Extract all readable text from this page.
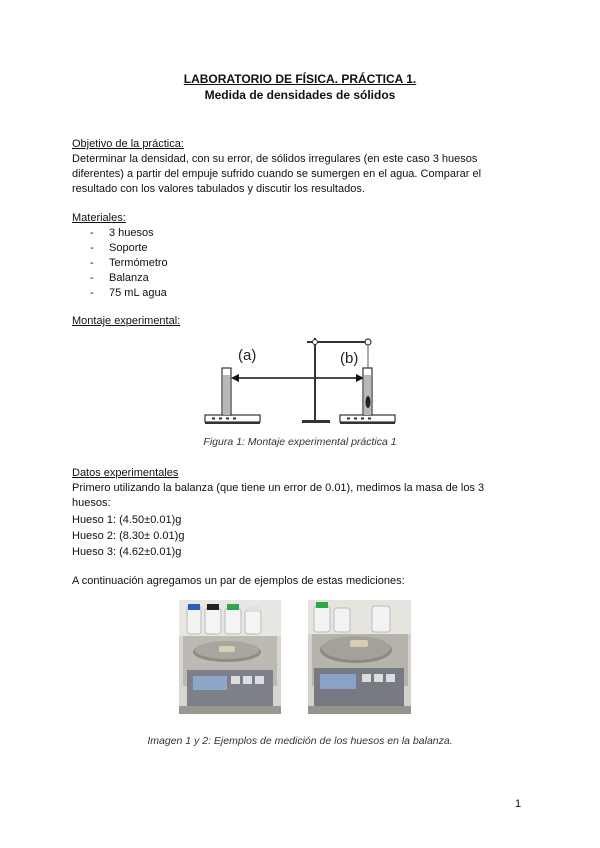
LABORATORIO DE FÍSICA. PRÁCTICA 1.
Medida de densidades de sólidos
Objetivo de la práctica:
Determinar la densidad, con su error, de sólidos irregulares (en este caso 3 huesos
diferentes) a partir del empuje sufrido cuando se sumergen en el agua. Comparar el
resultado con los valores tabulados y discutir los resultados.
Materiales:
-	3 huesos
-	Soporte
-	Termómetro
-	Balanza
-	75 mL agua
Montaje experimental:
(a)	(b)
Figura 1: Montaje experimental práctica 1
Datos experimentales
Primero utilizando la balanza (que tiene un error de 0.01), medimos la masa de los 3
huesos:
Hueso 1: (4.50±0.01)g
Hueso 2: (8.30± 0.01)g
Hueso 3: (4.62±0.01)g
A continuación agregamos un par de ejemplos de estas mediciones:
Imagen 1 y 2: Ejemplos de medición de los huesos en la balanza.
1
